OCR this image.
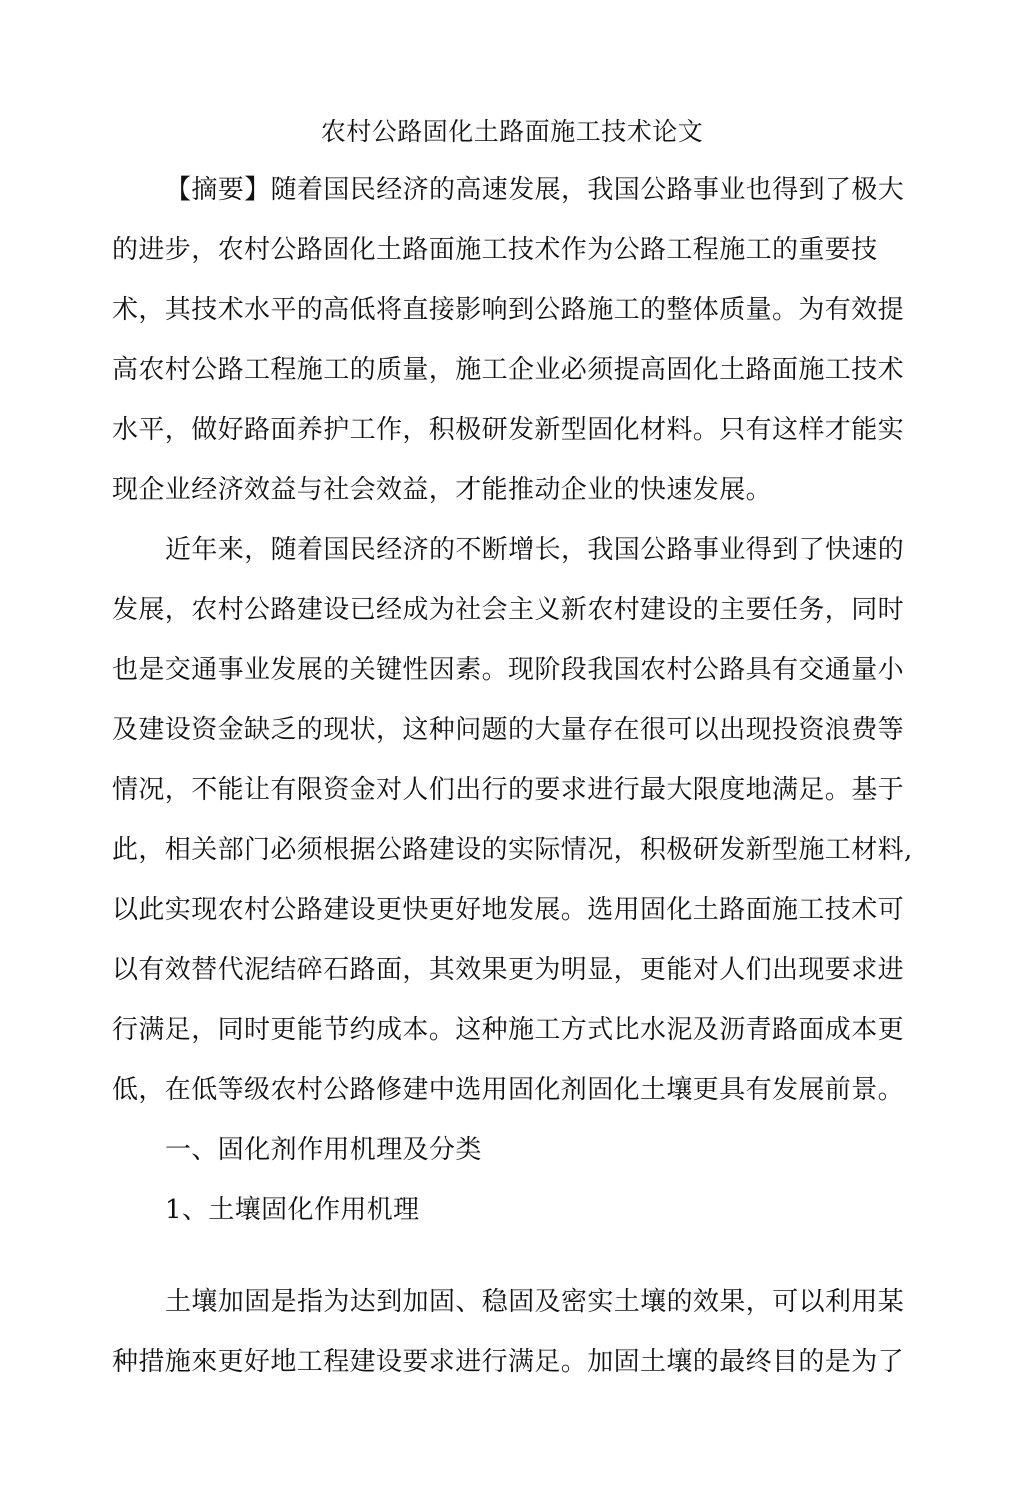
农村公路固化土路面施工技术论文
【摘要】随着国民经济的高速发展，我国公路事业也得到了极大
的进步，农村公路固化土路面施工技术作为公路工程施工的重要技
术，其技术水平的高低将直接影响到公路施工的整体质量。为有效提
高农村公路工程施工的质量，施工企业必须提高固化土路面施工技术
水平，做好路面养护工作，积极研发新型固化材料。只有这样才能实
现企业经济效益与社会效益，才能推动企业的快速发展。
近年来，随着国民经济的不断增长，我国公路事业得到了快速的
发展，农村公路建设已经成为社会主义新农村建设的主要任务，同时
也是交通事业发展的关键性因素。现阶段我国农村公路具有交通量小
及建设资金缺乏的现状，这种问题的大量存在很可以出现投资浪费等
情况，不能让有限资金对人们出行的要求进行最大限度地满足。基于
此，相关部门必须根据公路建设的实际情况，积极研发新型施工材料,
以此实现农村公路建设更快更好地发展。选用固化土路面施工技术可
以有效替代泥结碎石路面，其效果更为明显，更能对人们出现要求进
行满足，同时更能节约成本。这种施工方式比水泥及沥青路面成本更
低，在低等级农村公路修建中选用固化剂固化土壤更具有发展前景。
一、固化剂作用机理及分类
1、土壤固化作用机理
土壤加固是指为达到加固、稳固及密实土壤的效果，可以利用某
种措施來更好地工程建设要求进行满足。加固土壤的最终目的是为了
